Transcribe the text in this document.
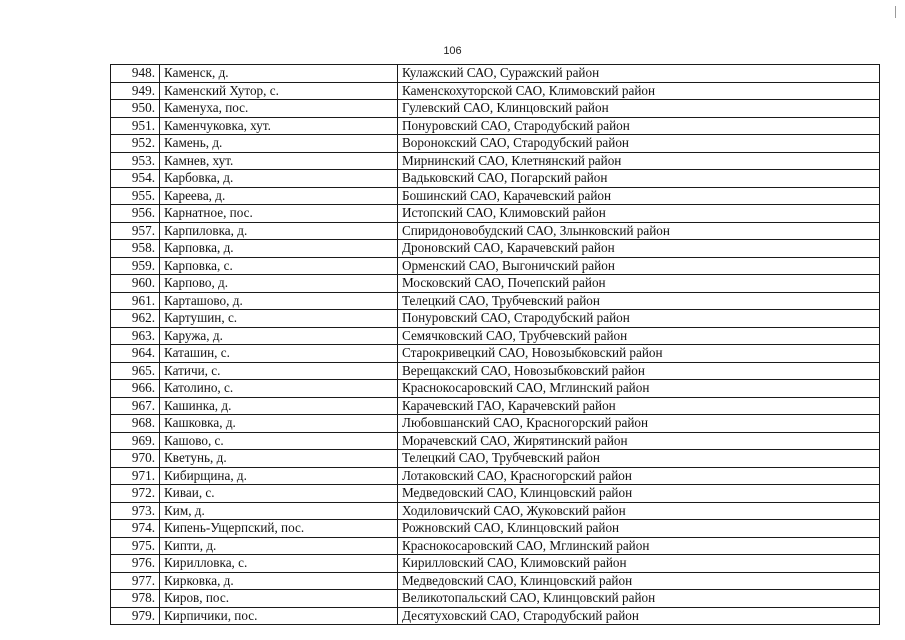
106
948.	Каменск, д.	Кулажский САО, Суражский район
949.	Каменский Хутор, с.	Каменскохуторской САО, Климовский район
950.	Каменуха, пос.	Гулевский САО, Клинцовский район
951.	Каменчуковка, хут.	Понуровский САО, Стародубский район
952.	Камень, д.	Воронокский САО, Стародубский район
953.	Камнев, хут.	Мирнинский САО, Клетнянский район
954.	Карбовка, д.	Вадьковский САО, Погарский район
955.	Кареева, д.	Бошинский САО, Карачевский район
956.	Карнатное, пос.	Истопский САО, Климовский район
957.	Карпиловка, д.	Спиридоновобудский САО, Злынковский район
958.	Карповка, д.	Дроновский САО, Карачевский район
959.	Карповка, с.	Орменский САО, Выгоничский район
960.	Карпово, д.	Московский САО, Почепский район
961.	Карташово, д.	Телецкий САО, Трубчевский район
962.	Картушин, с.	Понуровский САО, Стародубский район
963.	Каружа, д.	Семячковский САО, Трубчевский район
964.	Каташин, с.	Старокривецкий САО, Новозыбковский район
965.	Катичи, с.	Верещакский САО, Новозыбковский район
966.	Католино, с.	Краснокосаровский САО, Мглинский район
967.	Кашинка, д.	Карачевский ГАО, Карачевский район
968.	Кашковка, д.	Любовшанский САО, Красногорский район
969.	Кашово, с.	Морачевский САО, Жирятинский район
970.	Кветунь, д.	Телецкий САО, Трубчевский район
971.	Кибирщина, д.	Лотаковский САО, Красногорский район
972.	Киваи, с.	Медведовский САО, Клинцовский район
973.	Ким, д.	Ходиловичский САО, Жуковский район
974.	Кипень-Ущерпский, пос.	Рожновский САО, Клинцовский район
975.	Кипти, д.	Краснокосаровский САО, Мглинский район
976.	Кирилловка, с.	Кирилловский САО, Климовский район
977.	Кирковка, д.	Медведовский САО, Клинцовский район
978.	Киров, пос.	Великотопальский САО, Клинцовский район
979.	Кирпичики, пос.	Десятуховский САО, Стародубский район
